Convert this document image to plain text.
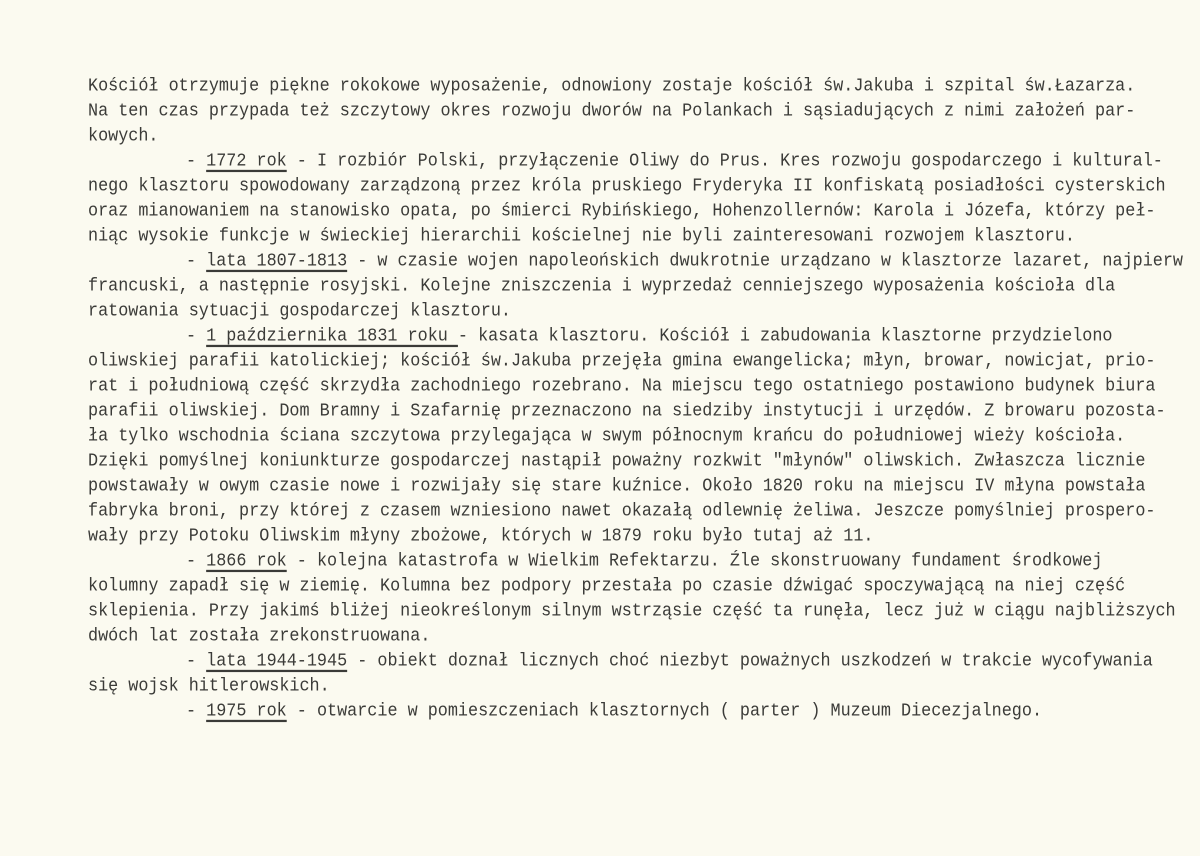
Kościół otrzymuje piękne rokokowe wyposażenie, odnowiony zostaje kościół św.Jakuba i szpital św.Łazarza.
Na ten czas przypada też szczytowy okres rozwoju dworów na Polankach i sąsiadujących z nimi założeń par-
kowych.
- 1772 rok - I rozbiór Polski, przyłączenie Oliwy do Prus. Kres rozwoju gospodarczego i kultural-
nego klasztoru spowodowany zarządzoną przez króla pruskiego Fryderyka II konfiskatą posiadłości cysterskich
oraz mianowaniem na stanowisko opata, po śmierci Rybińskiego, Hohenzollernów: Karola i Józefa, którzy peł-
niąc wysokie funkcje w świeckiej hierarchii kościelnej nie byli zainteresowani rozwojem klasztoru.
- lata 1807-1813 - w czasie wojen napoleońskich dwukrotnie urządzano w klasztorze lazaret, najpierw
francuski, a następnie rosyjski. Kolejne zniszczenia i wyprzedaż cenniejszego wyposażenia kościoła dla
ratowania sytuacji gospodarczej klasztoru.
- 1 października 1831 roku - kasata klasztoru. Kościół i zabudowania klasztorne przydzielono
oliwskiej parafii katolickiej; kościół św.Jakuba przejęła gmina ewangelicka; młyn, browar, nowicjat, prio-
rat i południową część skrzydła zachodniego rozebrano. Na miejscu tego ostatniego postawiono budynek biura
parafii oliwskiej. Dom Bramny i Szafarnię przeznaczono na siedziby instytucji i urzędów. Z browaru pozosta-
ła tylko wschodnia ściana szczytowa przylegająca w swym północnym krańcu do południowej wieży kościoła.
Dzięki pomyślnej koniunkturze gospodarczej nastąpił poważny rozkwit "młynów" oliwskich. Zwłaszcza licznie
powstawały w owym czasie nowe i rozwijały się stare kuźnice. Około 1820 roku na miejscu IV młyna powstała
fabryka broni, przy której z czasem wzniesiono nawet okazałą odlewnię żeliwa. Jeszcze pomyślniej prospero-
wały przy Potoku Oliwskim młyny zbożowe, których w 1879 roku było tutaj aż 11.
- 1866 rok - kolejna katastrofa w Wielkim Refektarzu. Źle skonstruowany fundament środkowej
kolumny zapadł się w ziemię. Kolumna bez podpory przestała po czasie dźwigać spoczywającą na niej część
sklepienia. Przy jakimś bliżej nieokreślonym silnym wstrząsie część ta runęła, lecz już w ciągu najbliższych
dwóch lat została zrekonstruowana.
- lata 1944-1945 - obiekt doznał licznych choć niezbyt poważnych uszkodzeń w trakcie wycofywania
się wojsk hitlerowskich.
- 1975 rok - otwarcie w pomieszczeniach klasztornych ( parter ) Muzeum Diecezjalnego.
